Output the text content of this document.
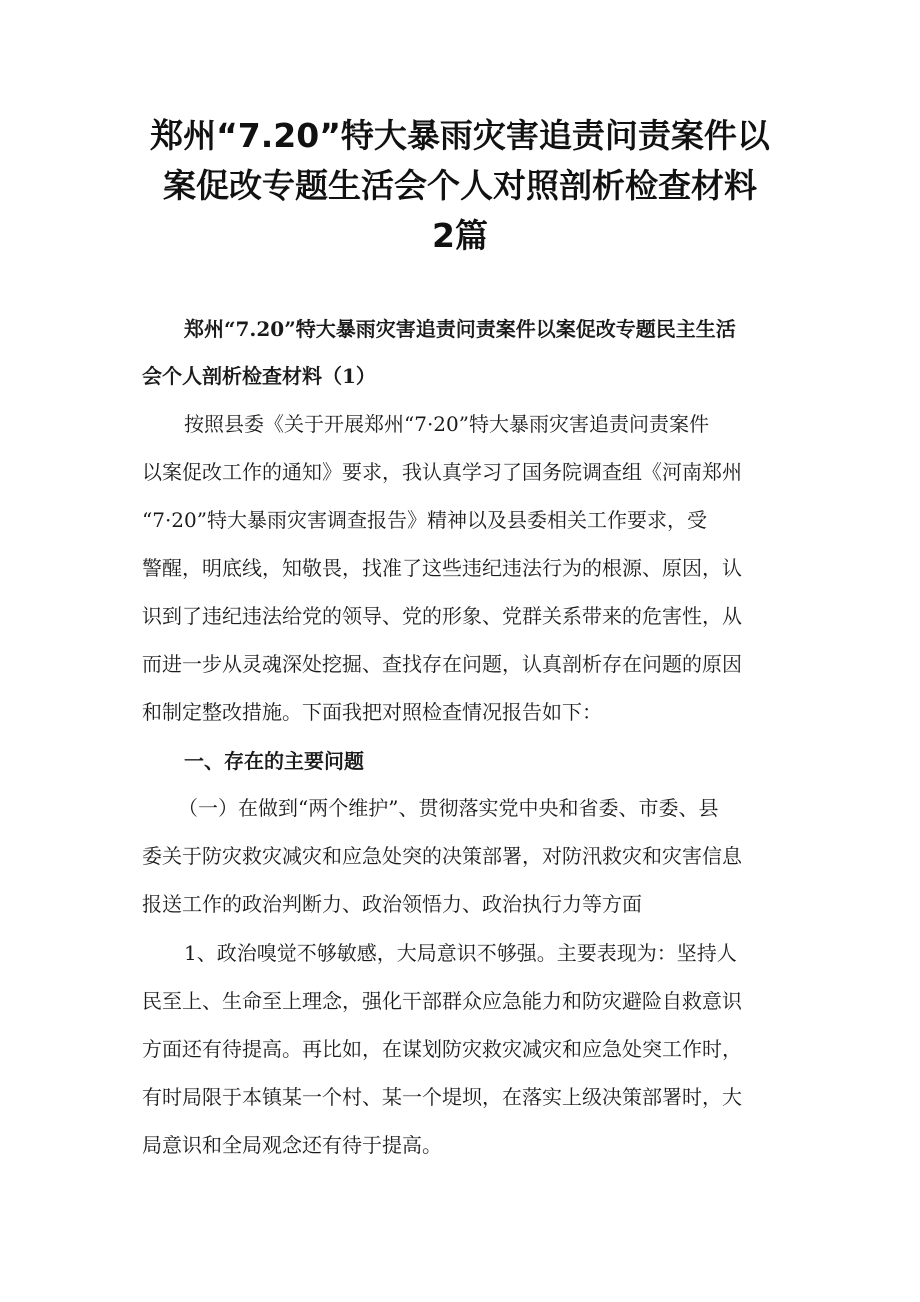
郑州“7.20”特大暴雨灾害追责问责案件以
案促改专题生活会个人对照剖析检查材料
2篇
郑州“7.20”特大暴雨灾害追责问责案件以案促改专题民主生活
会个人剖析检查材料（1）
按照县委《关于开展郑州“7·20”特大暴雨灾害追责问责案件
以案促改工作的通知》要求，我认真学习了国务院调查组《河南郑州
“7·20”特大暴雨灾害调查报告》精神以及县委相关工作要求，受
警醒，明底线，知敬畏，找准了这些违纪违法行为的根源、原因，认
识到了违纪违法给党的领导、党的形象、党群关系带来的危害性，从
而进一步从灵魂深处挖掘、查找存在问题，认真剖析存在问题的原因
和制定整改措施。下面我把对照检查情况报告如下：
一、存在的主要问题
（一）在做到“两个维护”、贯彻落实党中央和省委、市委、县
委关于防灾救灾减灾和应急处突的决策部署，对防汛救灾和灾害信息
报送工作的政治判断力、政治领悟力、政治执行力等方面
1、政治嗅觉不够敏感，大局意识不够强。主要表现为：坚持人
民至上、生命至上理念，强化干部群众应急能力和防灾避险自救意识
方面还有待提高。再比如，在谋划防灾救灾减灾和应急处突工作时，
有时局限于本镇某一个村、某一个堤坝，在落实上级决策部署时，大
局意识和全局观念还有待于提高。
